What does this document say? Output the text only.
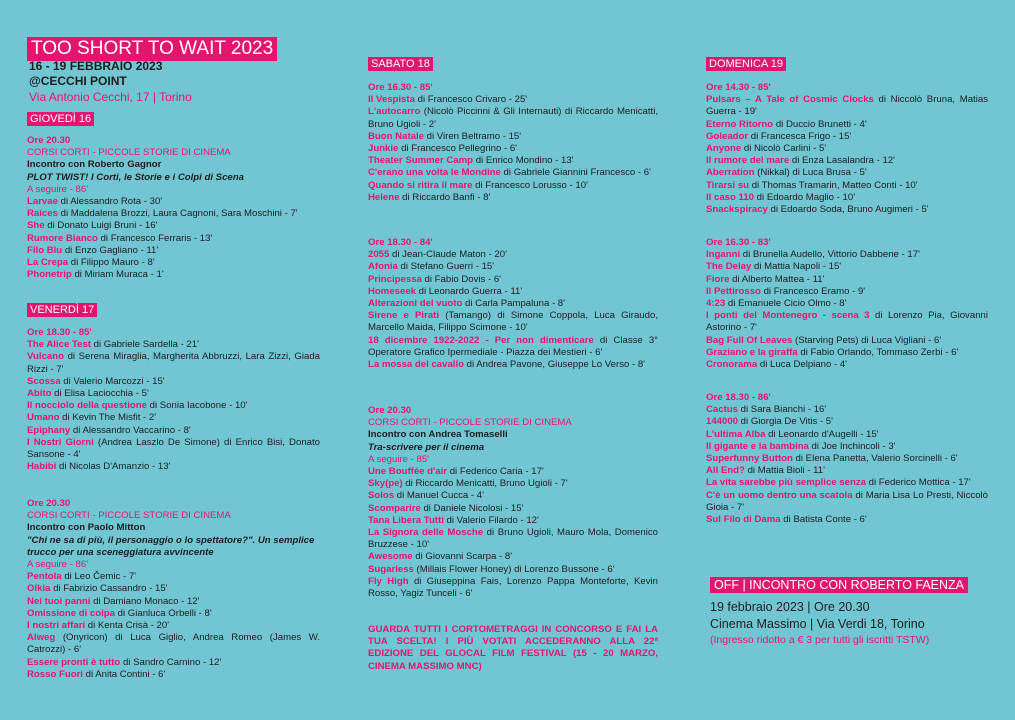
TOO SHORT TO WAIT 2023
16 - 19 FEBBRAIO 2023
@CECCHI POINT
Via Antonio Cecchi, 17 | Torino
GIOVEDÌ 16
Ore 20.30
CORSI CORTI - PICCOLE STORIE DI CINEMA
Incontro con Roberto Gagnor
PLOT TWIST! I Corti, le Storie e i Colpi di Scena
A seguire - 86'
Larvae di Alessandro Rota - 30'
Raíces di Maddalena Brozzi, Laura Cagnoni, Sara Moschini - 7'
She di Donato Luigi Bruni - 16'
Rumore Bianco di Francesco Ferraris - 13'
Filo Blu di Enzo Gagliano - 11'
La Crepa di Filippo Mauro - 8'
Phonetrip di Miriam Muraca - 1'
VENERDÌ 17
Ore 18.30 - 85'
The Alice Test di Gabriele Sardella - 21'
Vulcano di Serena Miraglia, Margherita Abbruzzi, Lara Zizzi, Giada Rizzi - 7'
Scossa di Valerio Marcozzi - 15'
Abito di Elisa Laciocchia - 5'
Il nocciolo della questione di Sonia Iacobone - 10'
Umano di Kevin The Misfit - 2'
Epiphany di Alessandro Vaccarino - 8'
I Nostri Giorni (Andrea Laszlo De Simone) di Enrico Bisi, Donato Sansone - 4'
Habibi di Nicolas D'Amanzio - 13'
Ore 20.30
CORSI CORTI - PICCOLE STORIE DI CINEMA
Incontro con Paolo Mitton
"Chi ne sa di più, il personaggio o lo spettatore?". Un semplice trucco per una sceneggiatura avvincente
A seguire - 86'
Pentola di Leo Čemic - 7'
Olkia di Fabrizio Cassandro - 15'
Nei tuoi panni di Damiano Monaco - 12'
Omissione di colpa di Gianluca Orbelli - 8'
I nostri affari di Kenta Crisà - 20'
Alweg (Onyricon) di Luca Giglio, Andrea Romeo (James W. Catrozzi) - 6'
Essere pronti è tutto di Sandro Carnino - 12'
Rosso Fuori di Anita Contini - 6'
SABATO 18
Ore 16.30 - 85'
Il Vespista di Francesco Crivaro - 25'
L'autocarro (Nicolò Piccinni & Gli Internauti) di Riccardo Menicatti, Bruno Ugioli - 2'
Buon Natale di Viren Beltramo - 15'
Junkie di Francesco Pellegrino - 6'
Theater Summer Camp di Enrico Mondino - 13'
C'erano una volta le Mondine di Gabriele Giannini Francesco - 6'
Quando si ritira il mare di Francesco Lorusso - 10'
Helene di Riccardo Banfi - 8'
Ore 18.30 - 84'
2055 di Jean-Claude Maton - 20'
Afonia di Stefano Guerri - 15'
Principessa di Fabio Dovis - 6'
Homeseek di Leonardo Guerra - 11'
Alterazioni del vuoto di Carla Pampaluna - 8'
Sirene e Pirati (Tamango) di Simone Coppola, Luca Giraudo, Marcello Maida, Filippo Scimone - 10'
18 dicembre 1922-2022 - Per non dimenticare di Classe 3° Operatore Grafico Ipermediale - Piazza dei Mestieri - 6'
La mossa del cavallo di Andrea Pavone, Giuseppe Lo Verso - 8'
Ore 20.30
CORSI CORTI - PICCOLE STORIE DI CINEMA
Incontro con Andrea Tomaselli
Tra-scrivere per il cinema
A seguire - 85'
Une Bouffée d'air di Federico Caria - 17'
Sky(pe) di Riccardo Menicatti, Bruno Ugioli - 7'
Solos di Manuel Cucca - 4'
Scomparire di Daniele Nicolosi - 15'
Tana Libera Tutti di Valerio Filardo - 12'
La Signora delle Mosche di Bruno Ugioli, Mauro Mola, Domenico Bruzzese - 10'
Awesome di Giovanni Scarpa - 8'
Sugarless (Millais Flower Honey) di Lorenzo Bussone - 6'
Fly High di Giuseppina Fais, Lorenzo Pappa Monteforte, Kevin Rosso, Yagiz Tunceli - 6'
GUARDA TUTTI I CORTOMETRAGGI IN CONCORSO E FAI LA TUA SCELTA! I PIÙ VOTATI ACCEDERANNO ALLA 22ª EDIZIONE DEL GLOCAL FILM FESTIVAL (15 - 20 MARZO, CINEMA MASSIMO MNC)
DOMENICA 19
Ore 14.30 - 85'
Pulsars – A Tale of Cosmic Clocks di Niccolò Bruna, Matias Guerra - 19'
Eterno Ritorno di Duccio Brunetti - 4'
Goleador di Francesca Frigo - 15'
Anyone di Nicolò Carlini - 5'
Il rumore del mare di Enza Lasalandra - 12'
Aberration (Nikkal) di Luca Brusa - 5'
Tirarsi su di Thomas Tramarin, Matteo Conti - 10'
Il caso 110 di Edoardo Maglio - 10'
Snackspiracy di Edoardo Soda, Bruno Augimeri - 5'
Ore 16.30 - 83'
Inganni di Brunella Audello, Vittorio Dabbene - 17'
The Delay di Mattia Napoli - 15'
Fiore di Alberto Mattea - 11'
Il Pettirosso di Francesco Eramo - 9'
4:23 di Emanuele Cicio Olmo - 8'
I ponti del Montenegro - scena 3 di Lorenzo Pia, Giovanni Astorino - 7'
Bag Full Of Leaves (Starving Pets) di Luca Vigliani - 6'
Graziano e la giraffa di Fabio Orlando, Tommaso Zerbi - 6'
Cronorama di Luca Delpiano - 4'
Ore 18.30 - 86'
Cactus di Sara Bianchi - 16'
144000 di Giorgia De Vitis - 5'
L'ultima Alba di Leonardo d'Augelli - 15'
Il gigante e la bambina di Joe Inchincoli - 3'
Superfunny Button di Elena Panetta, Valerio Sorcinelli - 6'
All End? di Mattia Bioli - 11'
La vita sarebbe più semplice senza di Federico Mottica - 17'
C'è un uomo dentro una scatola di Maria Lisa Lo Presti, Niccolò Gioia - 7'
Sul Filo di Dama di Batista Conte - 6'
OFF | INCONTRO CON ROBERTO FAENZA
19 febbraio 2023 | Ore 20.30
Cinema Massimo | Via Verdi 18, Torino
(Ingresso ridotto a € 3 per tutti gli iscritti TSTW)
